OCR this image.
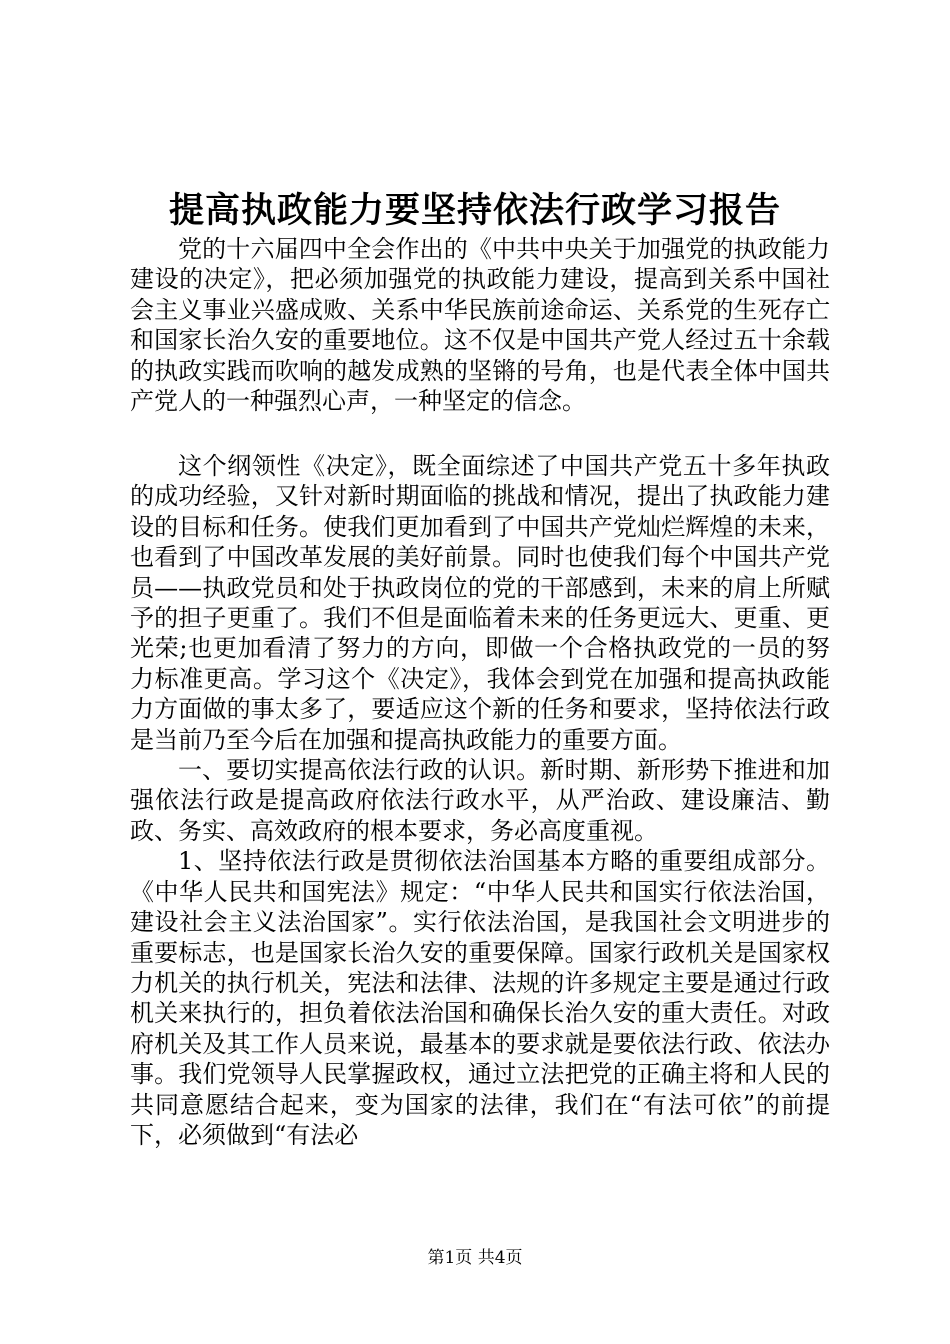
提高执政能力要坚持依法行政学习报告

党的十六届四中全会作出的《中共中央关于加强党的执政能力建设的决定》，把必须加强党的执政能力建设，提高到关系中国社会主义事业兴盛成败、关系中华民族前途命运、关系党的生死存亡和国家长治久安的重要地位。这不仅是中国共产党人经过五十余载的执政实践而吹响的越发成熟的坚锵的号角，也是代表全体中国共产党人的一种强烈心声，一种坚定的信念。

这个纲领性《决定》，既全面综述了中国共产党五十多年执政的成功经验，又针对新时期面临的挑战和情况，提出了执政能力建设的目标和任务。使我们更加看到了中国共产党灿烂辉煌的未来，也看到了中国改革发展的美好前景。同时也使我们每个中国共产党员——执政党员和处于执政岗位的党的干部感到，未来的肩上所赋予的担子更重了。我们不但是面临着未来的任务更远大、更重、更光荣;也更加看清了努力的方向，即做一个合格执政党的一员的努力标准更高。学习这个《决定》，我体会到党在加强和提高执政能力方面做的事太多了，要适应这个新的任务和要求，坚持依法行政是当前乃至今后在加强和提高执政能力的重要方面。

一、要切实提高依法行政的认识。新时期、新形势下推进和加强依法行政是提高政府依法行政水平，从严治政、建设廉洁、勤政、务实、高效政府的根本要求，务必高度重视。

1、坚持依法行政是贯彻依法治国基本方略的重要组成部分。《中华人民共和国宪法》规定：“中华人民共和国实行依法治国，建设社会主义法治国家”。实行依法治国，是我国社会文明进步的重要标志，也是国家长治久安的重要保障。国家行政机关是国家权力机关的执行机关，宪法和法律、法规的许多规定主要是通过行政机关来执行的，担负着依法治国和确保长治久安的重大责任。对政府机关及其工作人员来说，最基本的要求就是要依法行政、依法办事。我们党领导人民掌握政权，通过立法把党的正确主将和人民的共同意愿结合起来，变为国家的法律，我们在“有法可依”的前提下，必须做到“有法必

第1页 共4页
